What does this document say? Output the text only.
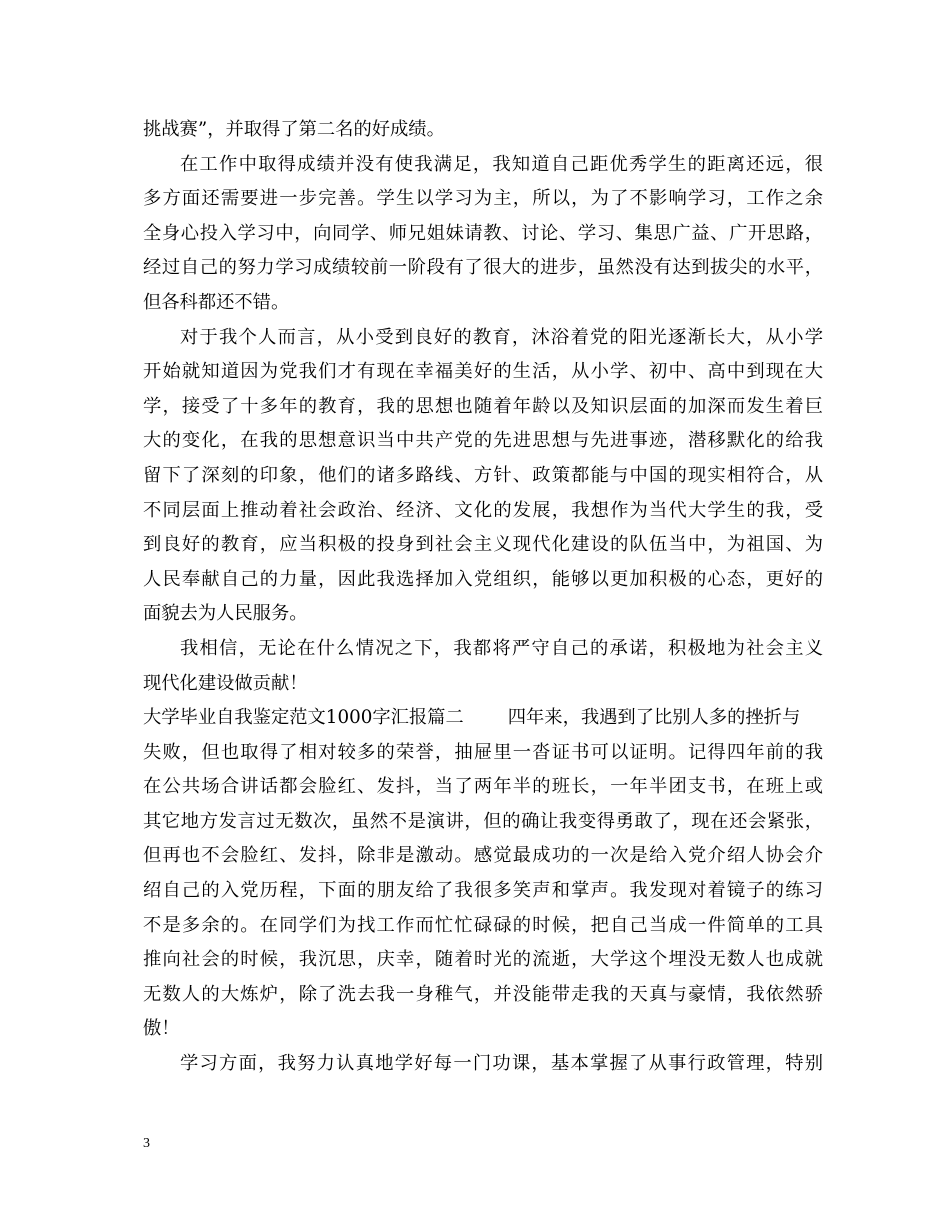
挑战赛”，并取得了第二名的好成绩。
在工作中取得成绩并没有使我满足，我知道自己距优秀学生的距离还远，很
多方面还需要进一步完善。学生以学习为主，所以，为了不影响学习，工作之余
全身心投入学习中，向同学、师兄姐妹请教、讨论、学习、集思广益、广开思路，
经过自己的努力学习成绩较前一阶段有了很大的进步，虽然没有达到拔尖的水平，
但各科都还不错。
对于我个人而言，从小受到良好的教育，沐浴着党的阳光逐渐长大，从小学
开始就知道因为党我们才有现在幸福美好的生活，从小学、初中、高中到现在大
学，接受了十多年的教育，我的思想也随着年龄以及知识层面的加深而发生着巨
大的变化，在我的思想意识当中共产党的先进思想与先进事迹，潜移默化的给我
留下了深刻的印象，他们的诸多路线、方针、政策都能与中国的现实相符合，从
不同层面上推动着社会政治、经济、文化的发展，我想作为当代大学生的我，受
到良好的教育，应当积极的投身到社会主义现代化建设的队伍当中，为祖国、为
人民奉献自己的力量，因此我选择加入党组织，能够以更加积极的心态，更好的
面貌去为人民服务。
我相信，无论在什么情况之下，我都将严守自己的承诺，积极地为社会主义
现代化建设做贡献！
大学毕业自我鉴定范文1000字汇报篇二 四年来，我遇到了比别人多的挫折与
失败，但也取得了相对较多的荣誉，抽屉里一沓证书可以证明。记得四年前的我
在公共场合讲话都会脸红、发抖，当了两年半的班长，一年半团支书，在班上或
其它地方发言过无数次，虽然不是演讲，但的确让我变得勇敢了，现在还会紧张，
但再也不会脸红、发抖，除非是激动。感觉最成功的一次是给入党介绍人协会介
绍自己的入党历程，下面的朋友给了我很多笑声和掌声。我发现对着镜子的练习
不是多余的。在同学们为找工作而忙忙碌碌的时候，把自己当成一件简单的工具
推向社会的时候，我沉思，庆幸，随着时光的流逝，大学这个埋没无数人也成就
无数人的大炼炉，除了洗去我一身稚气，并没能带走我的天真与豪情，我依然骄
傲！
学习方面，我努力认真地学好每一门功课，基本掌握了从事行政管理，特别
3
